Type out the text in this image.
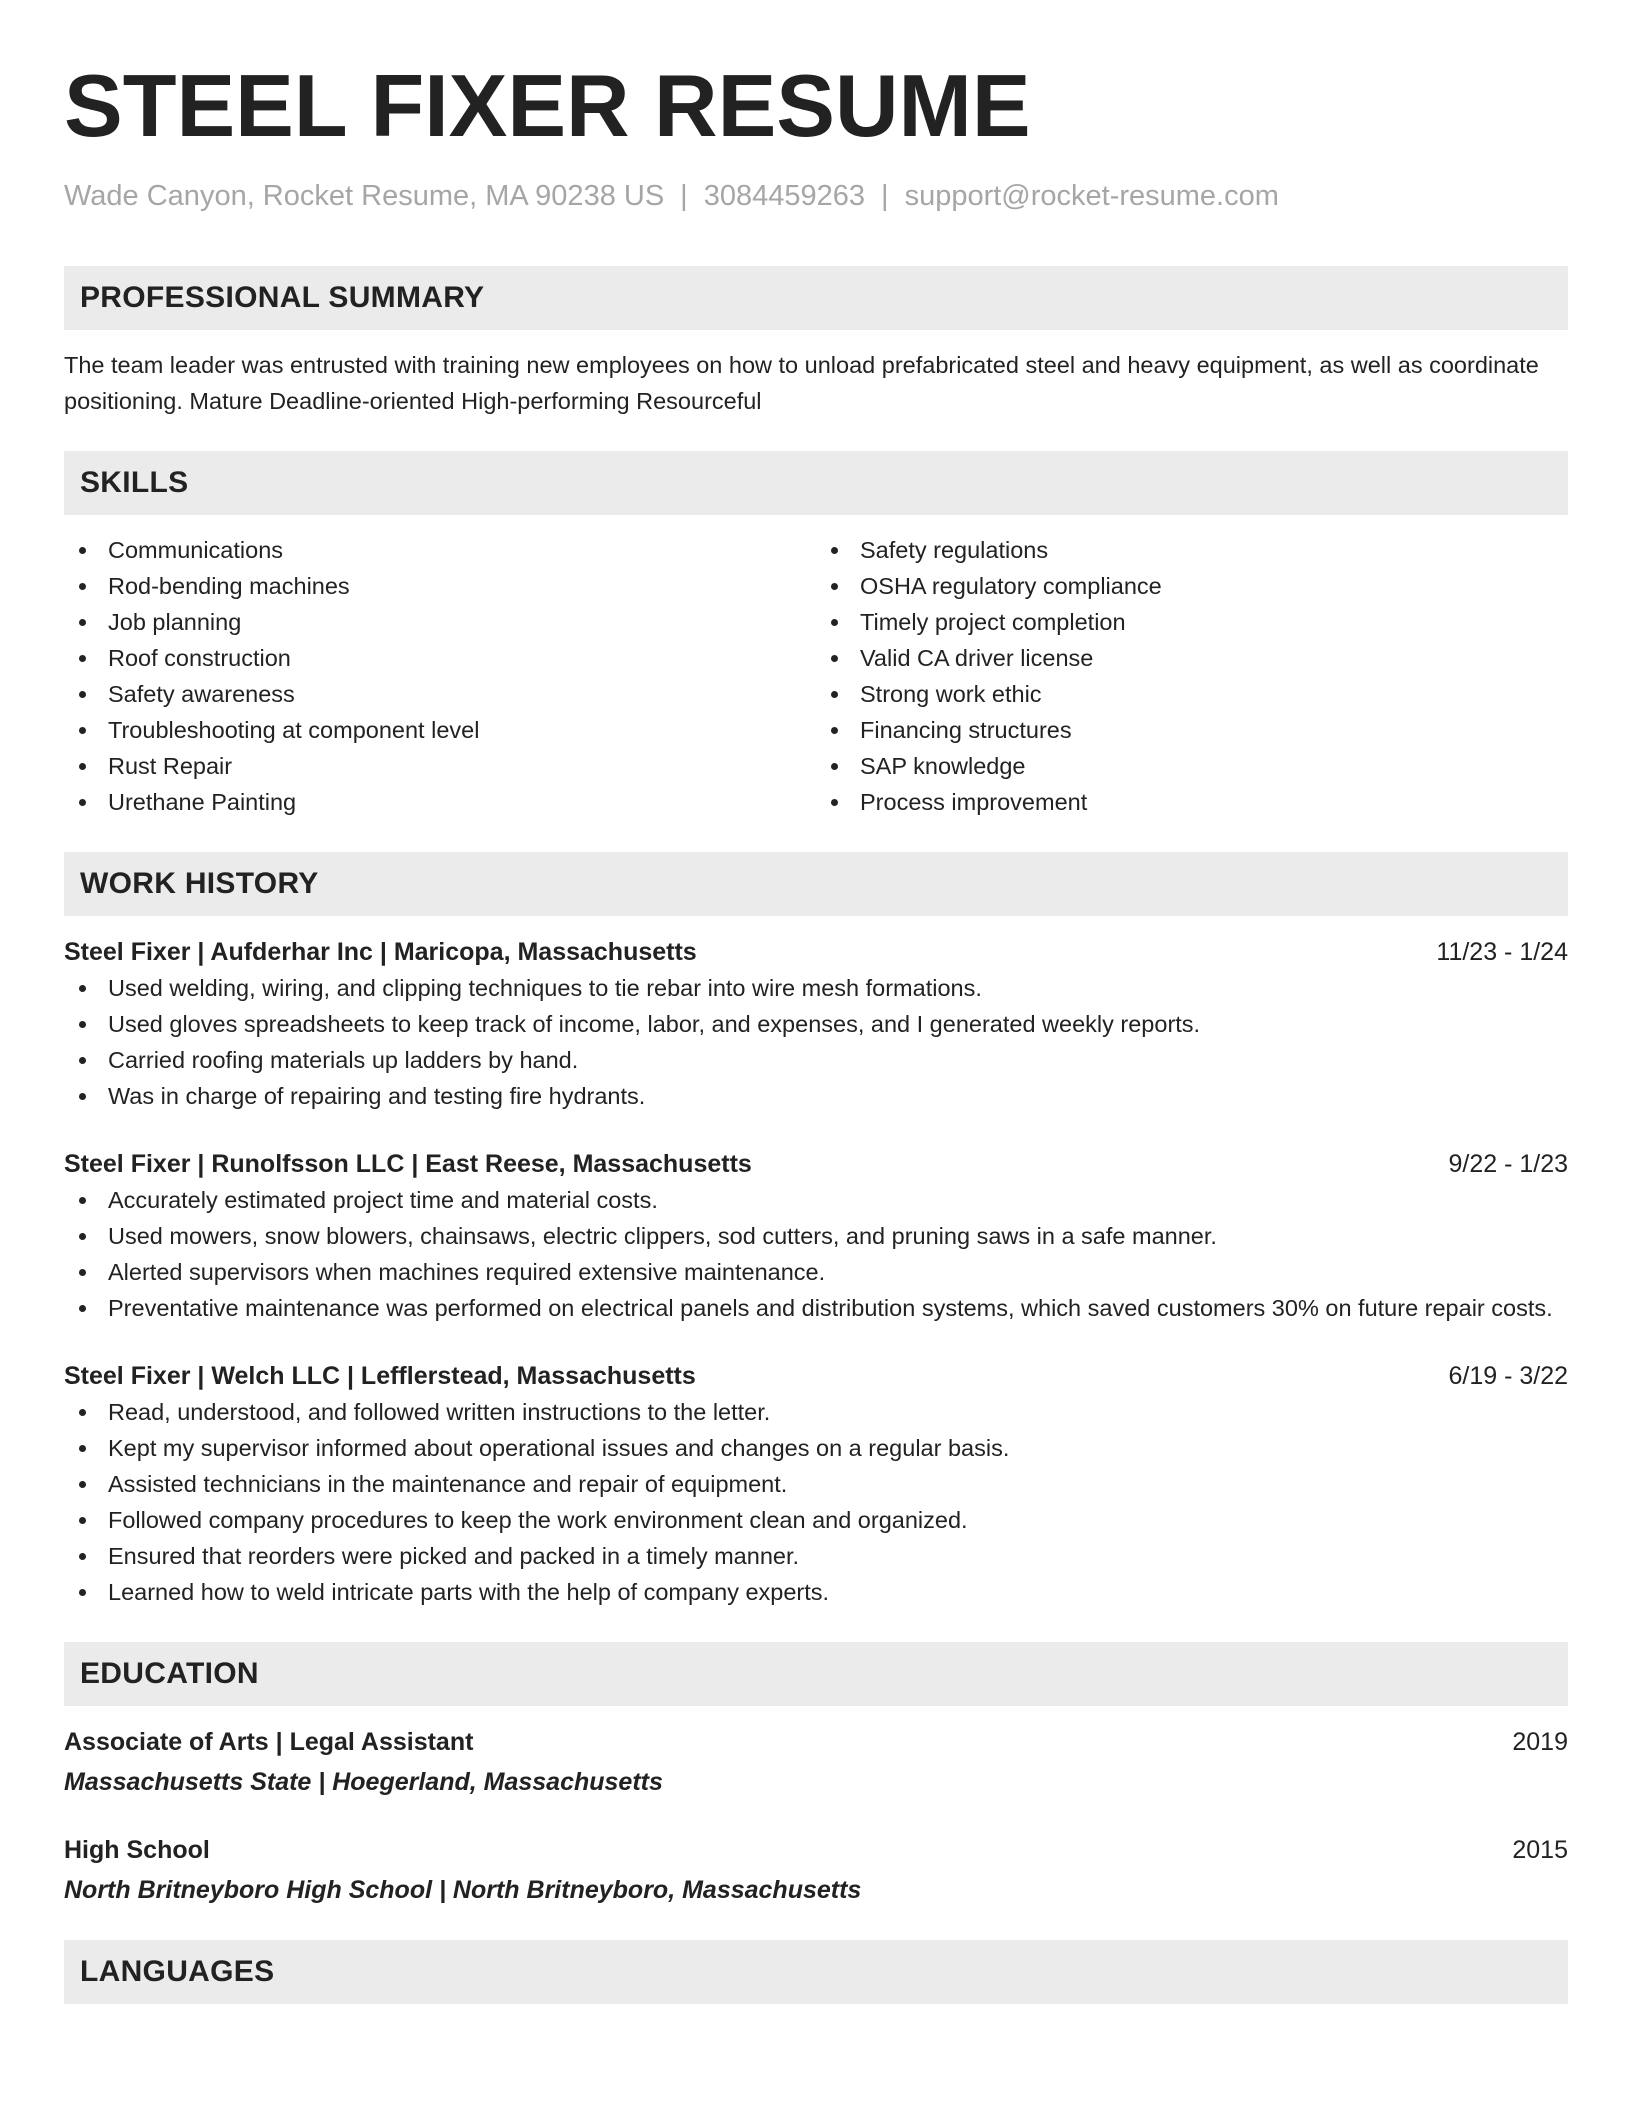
STEEL FIXER RESUME
Wade Canyon, Rocket Resume, MA 90238 US | 3084459263 | support@rocket-resume.com
PROFESSIONAL SUMMARY
The team leader was entrusted with training new employees on how to unload prefabricated steel and heavy equipment, as well as coordinate positioning. Mature Deadline-oriented High-performing Resourceful
SKILLS
Communications
Rod-bending machines
Job planning
Roof construction
Safety awareness
Troubleshooting at component level
Rust Repair
Urethane Painting
Safety regulations
OSHA regulatory compliance
Timely project completion
Valid CA driver license
Strong work ethic
Financing structures
SAP knowledge
Process improvement
WORK HISTORY
Steel Fixer | Aufderhar Inc | Maricopa, Massachusetts	11/23 - 1/24
Used welding, wiring, and clipping techniques to tie rebar into wire mesh formations.
Used gloves spreadsheets to keep track of income, labor, and expenses, and I generated weekly reports.
Carried roofing materials up ladders by hand.
Was in charge of repairing and testing fire hydrants.
Steel Fixer | Runolfsson LLC | East Reese, Massachusetts	9/22 - 1/23
Accurately estimated project time and material costs.
Used mowers, snow blowers, chainsaws, electric clippers, sod cutters, and pruning saws in a safe manner.
Alerted supervisors when machines required extensive maintenance.
Preventative maintenance was performed on electrical panels and distribution systems, which saved customers 30% on future repair costs.
Steel Fixer | Welch LLC | Lefflerstead, Massachusetts	6/19 - 3/22
Read, understood, and followed written instructions to the letter.
Kept my supervisor informed about operational issues and changes on a regular basis.
Assisted technicians in the maintenance and repair of equipment.
Followed company procedures to keep the work environment clean and organized.
Ensured that reorders were picked and packed in a timely manner.
Learned how to weld intricate parts with the help of company experts.
EDUCATION
Associate of Arts | Legal Assistant	2019
Massachusetts State | Hoegerland, Massachusetts
High School	2015
North Britneyboro High School | North Britneyboro, Massachusetts
LANGUAGES
